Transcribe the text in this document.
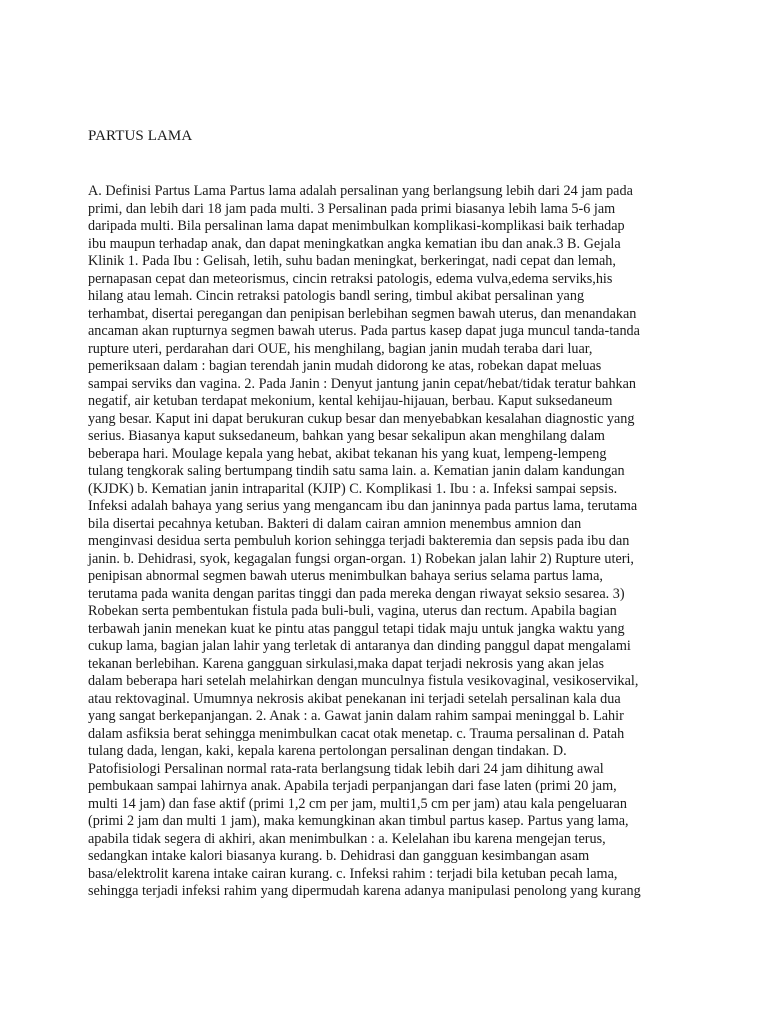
PARTUS LAMA
A. Definisi Partus Lama Partus lama adalah persalinan yang berlangsung lebih dari 24 jam pada
primi, dan lebih dari 18 jam pada multi. 3 Persalinan pada primi biasanya lebih lama 5-6 jam
daripada multi. Bila persalinan lama dapat menimbulkan komplikasi-komplikasi baik terhadap
ibu maupun terhadap anak, dan dapat meningkatkan angka kematian ibu dan anak.3 B. Gejala
Klinik 1. Pada Ibu : Gelisah, letih, suhu badan meningkat, berkeringat, nadi cepat dan lemah,
pernapasan cepat dan meteorismus, cincin retraksi patologis, edema vulva,edema serviks,his
hilang atau lemah. Cincin retraksi patologis bandl sering, timbul akibat persalinan yang
terhambat, disertai peregangan dan penipisan berlebihan segmen bawah uterus, dan menandakan
ancaman akan rupturnya segmen bawah uterus. Pada partus kasep dapat juga muncul tanda-tanda
rupture uteri, perdarahan dari OUE, his menghilang, bagian janin mudah teraba dari luar,
pemeriksaan dalam : bagian terendah janin mudah didorong ke atas, robekan dapat meluas
sampai serviks dan vagina. 2. Pada Janin : Denyut jantung janin cepat/hebat/tidak teratur bahkan
negatif, air ketuban terdapat mekonium, kental kehijau-hijauan, berbau. Kaput suksedaneum
yang besar. Kaput ini dapat berukuran cukup besar dan menyebabkan kesalahan diagnostic yang
serius. Biasanya kaput suksedaneum, bahkan yang besar sekalipun akan menghilang dalam
beberapa hari. Moulage kepala yang hebat, akibat tekanan his yang kuat, lempeng-lempeng
tulang tengkorak saling bertumpang tindih satu sama lain. a. Kematian janin dalam kandungan
(KJDK) b. Kematian janin intraparital (KJIP) C. Komplikasi 1. Ibu : a. Infeksi sampai sepsis.
Infeksi adalah bahaya yang serius yang mengancam ibu dan janinnya pada partus lama, terutama
bila disertai pecahnya ketuban. Bakteri di dalam cairan amnion menembus amnion dan
menginvasi desidua serta pembuluh korion sehingga terjadi bakteremia dan sepsis pada ibu dan
janin. b. Dehidrasi, syok, kegagalan fungsi organ-organ. 1) Robekan jalan lahir 2) Rupture uteri,
penipisan abnormal segmen bawah uterus menimbulkan bahaya serius selama partus lama,
terutama pada wanita dengan paritas tinggi dan pada mereka dengan riwayat seksio sesarea. 3)
Robekan serta pembentukan fistula pada buli-buli, vagina, uterus dan rectum. Apabila bagian
terbawah janin menekan kuat ke pintu atas panggul tetapi tidak maju untuk jangka waktu yang
cukup lama, bagian jalan lahir yang terletak di antaranya dan dinding panggul dapat mengalami
tekanan berlebihan. Karena gangguan sirkulasi,maka dapat terjadi nekrosis yang akan jelas
dalam beberapa hari setelah melahirkan dengan munculnya fistula vesikovaginal, vesikoservikal,
atau rektovaginal. Umumnya nekrosis akibat penekanan ini terjadi setelah persalinan kala dua
yang sangat berkepanjangan. 2. Anak : a. Gawat janin dalam rahim sampai meninggal b. Lahir
dalam asfiksia berat sehingga menimbulkan cacat otak menetap. c. Trauma persalinan d. Patah
tulang dada, lengan, kaki, kepala karena pertolongan persalinan dengan tindakan. D.
Patofisiologi Persalinan normal rata-rata berlangsung tidak lebih dari 24 jam dihitung awal
pembukaan sampai lahirnya anak. Apabila terjadi perpanjangan dari fase laten (primi 20 jam,
multi 14 jam) dan fase aktif (primi 1,2 cm per jam, multi1,5 cm per jam) atau kala pengeluaran
(primi 2 jam dan multi 1 jam), maka kemungkinan akan timbul partus kasep. Partus yang lama,
apabila tidak segera di akhiri, akan menimbulkan : a. Kelelahan ibu karena mengejan terus,
sedangkan intake kalori biasanya kurang. b. Dehidrasi dan gangguan kesimbangan asam
basa/elektrolit karena intake cairan kurang. c. Infeksi rahim : terjadi bila ketuban pecah lama,
sehingga terjadi infeksi rahim yang dipermudah karena adanya manipulasi penolong yang kurang
